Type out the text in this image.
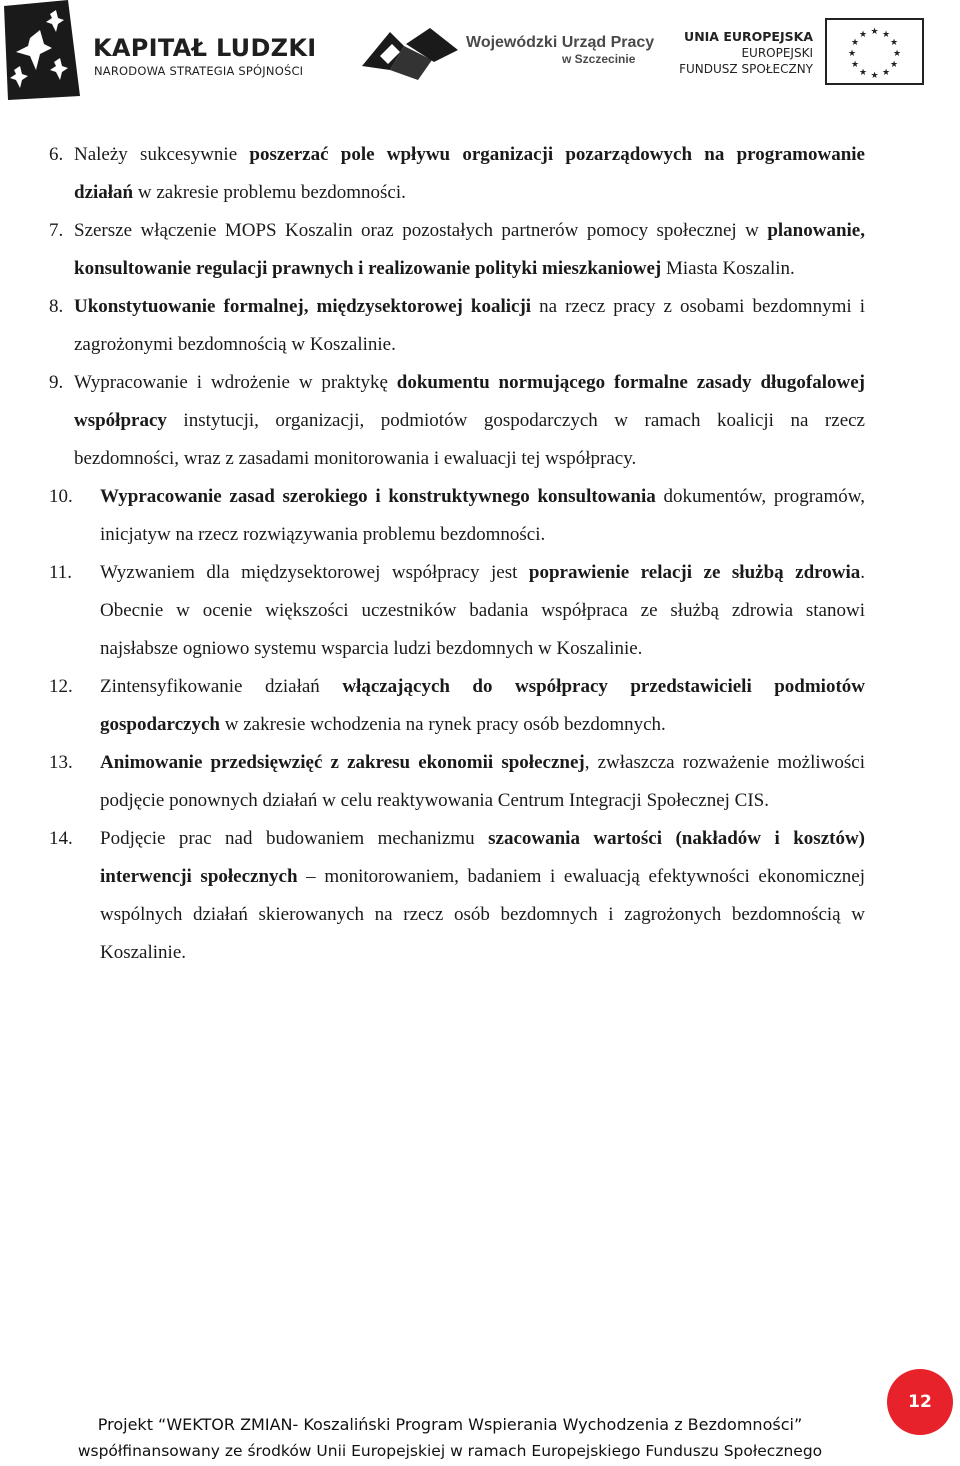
KAPITAŁ LUDZKI
NARODOWA STRATEGIA SPÓJNOŚCI
Wojewódzki Urząd Pracy
w Szczecinie
UNIA EUROPEJSKA
EUROPEJSKI
FUNDUSZ SPOŁECZNY
★ ★
★
★
★
★
★
★
★
★
★
★
6. Należy sukcesywnie poszerzać pole wpływu organizacji pozarządowych na programowanie działań w zakresie problemu bezdomności.
7. Szersze włączenie MOPS Koszalin oraz pozostałych partnerów pomocy społecznej w planowanie, konsultowanie regulacji prawnych i realizowanie polityki mieszkaniowej Miasta Koszalin.
8. Ukonstytuowanie formalnej, międzysektorowej koalicji na rzecz pracy z osobami bezdomnymi i zagrożonymi bezdomnością w Koszalinie.
9. Wypracowanie i wdrożenie w praktykę dokumentu normującego formalne zasady długofalowej współpracy instytucji, organizacji, podmiotów gospodarczych w ramach koalicji na rzecz bezdomności, wraz z zasadami monitorowania i ewaluacji tej współpracy.
10. Wypracowanie zasad szerokiego i konstruktywnego konsultowania dokumentów, programów, inicjatyw na rzecz rozwiązywania problemu bezdomności.
11. Wyzwaniem dla międzysektorowej współpracy jest poprawienie relacji ze służbą zdrowia. Obecnie w ocenie większości uczestników badania współpraca ze służbą zdrowia stanowi najsłabsze ogniowo systemu wsparcia ludzi bezdomnych w Koszalinie.
12. Zintensyfikowanie działań włączających do współpracy przedstawicieli podmiotów gospodarczych w zakresie wchodzenia na rynek pracy osób bezdomnych.
13. Animowanie przedsięwzięć z zakresu ekonomii społecznej, zwłaszcza rozważenie możliwości podjęcie ponownych działań w celu reaktywowania Centrum Integracji Społecznej CIS.
14. Podjęcie prac nad budowaniem mechanizmu szacowania wartości (nakładów i kosztów) interwencji społecznych – monitorowaniem, badaniem i ewaluacją efektywności ekonomicznej wspólnych działań skierowanych na rzecz osób bezdomnych i zagrożonych bezdomnością w Koszalinie.
Projekt “WEKTOR ZMIAN- Koszaliński Program Wspierania Wychodzenia z Bezdomności”
współfinansowany ze środków Unii Europejskiej w ramach Europejskiego Funduszu Społecznego
12
